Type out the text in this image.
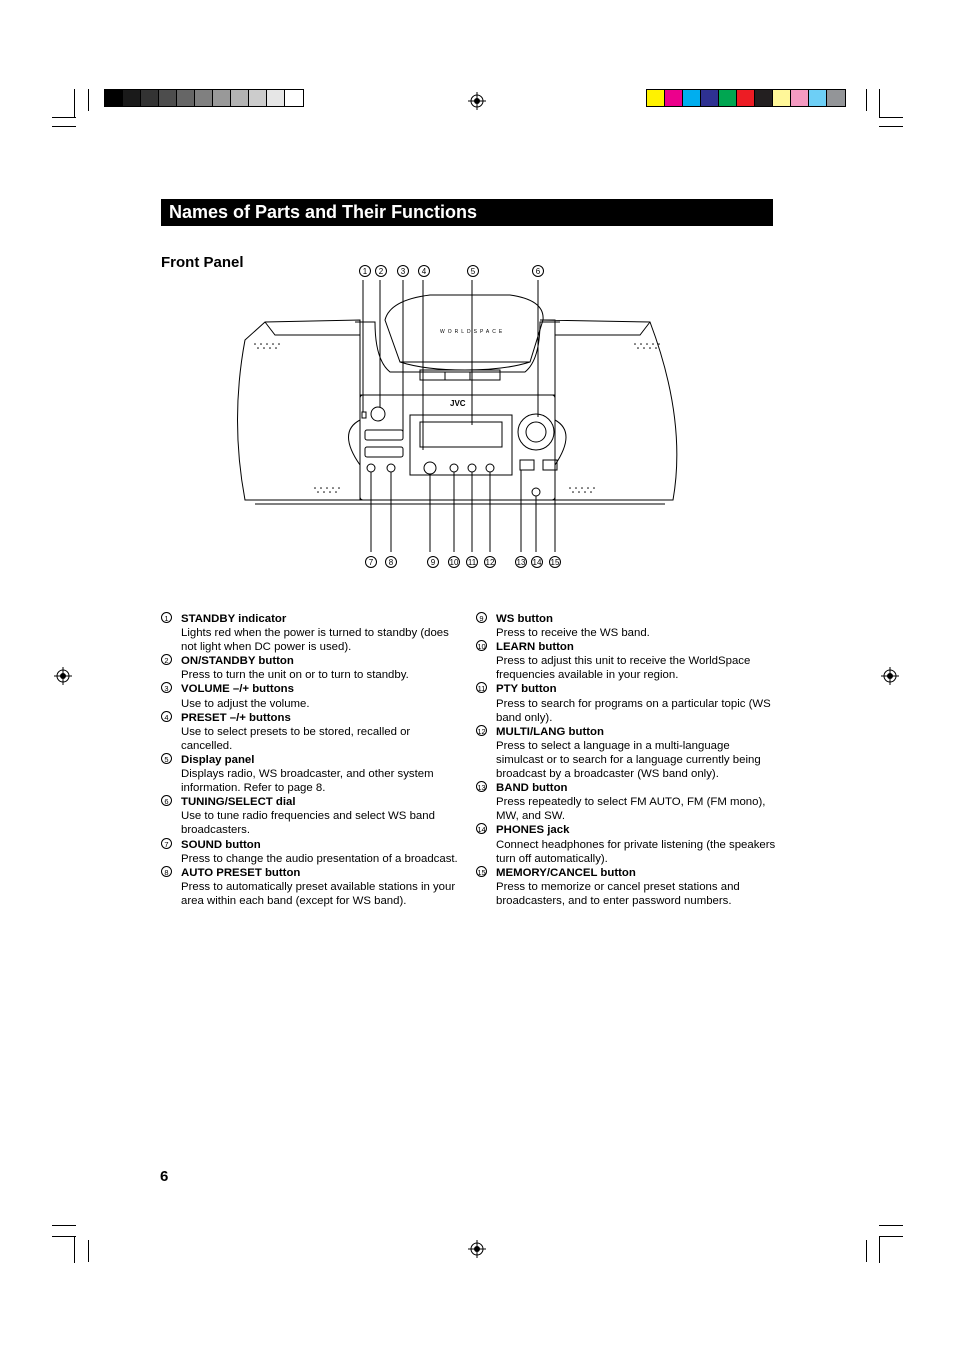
Names of Parts and Their Functions
Front Panel
JVC
WORLDSPACE
1	2	3	4	5	6
7	8	9	10 11 12	13 14 15
1	STANDBY indicator
Lights red when the power is turned to standby (does not light when DC power is used).
2	ON/STANDBY button
Press to turn the unit on or to turn to standby.
3	VOLUME –/+ buttons
Use to adjust the volume.
4	PRESET –/+ buttons
Use to select presets to be stored, recalled or cancelled.
5	Display panel
Displays radio, WS broadcaster, and other system information. Refer to page 8.
6	TUNING/SELECT dial
Use to tune radio frequencies and select WS band broadcasters.
7	SOUND button
Press to change the audio presentation of a broadcast.
8	AUTO PRESET button
Press to automatically preset available stations in your area within each band (except for WS band).
9	WS button
Press to receive the WS band.
10 LEARN button
Press to adjust this unit to receive the WorldSpace frequencies available in your region.
11 PTY button
Press to search for programs on a particular topic (WS band only).
12 MULTI/LANG button
Press to select a language in a multi-language simulcast or to search for a language currently being broadcast by a broadcaster (WS band only).
13 BAND button
Press repeatedly to select FM AUTO, FM (FM mono), MW, and SW.
14 PHONES jack
Connect headphones for private listening (the speakers turn off automatically).
15 MEMORY/CANCEL button
Press to memorize or cancel preset stations and broadcasters, and to enter password numbers.
6
